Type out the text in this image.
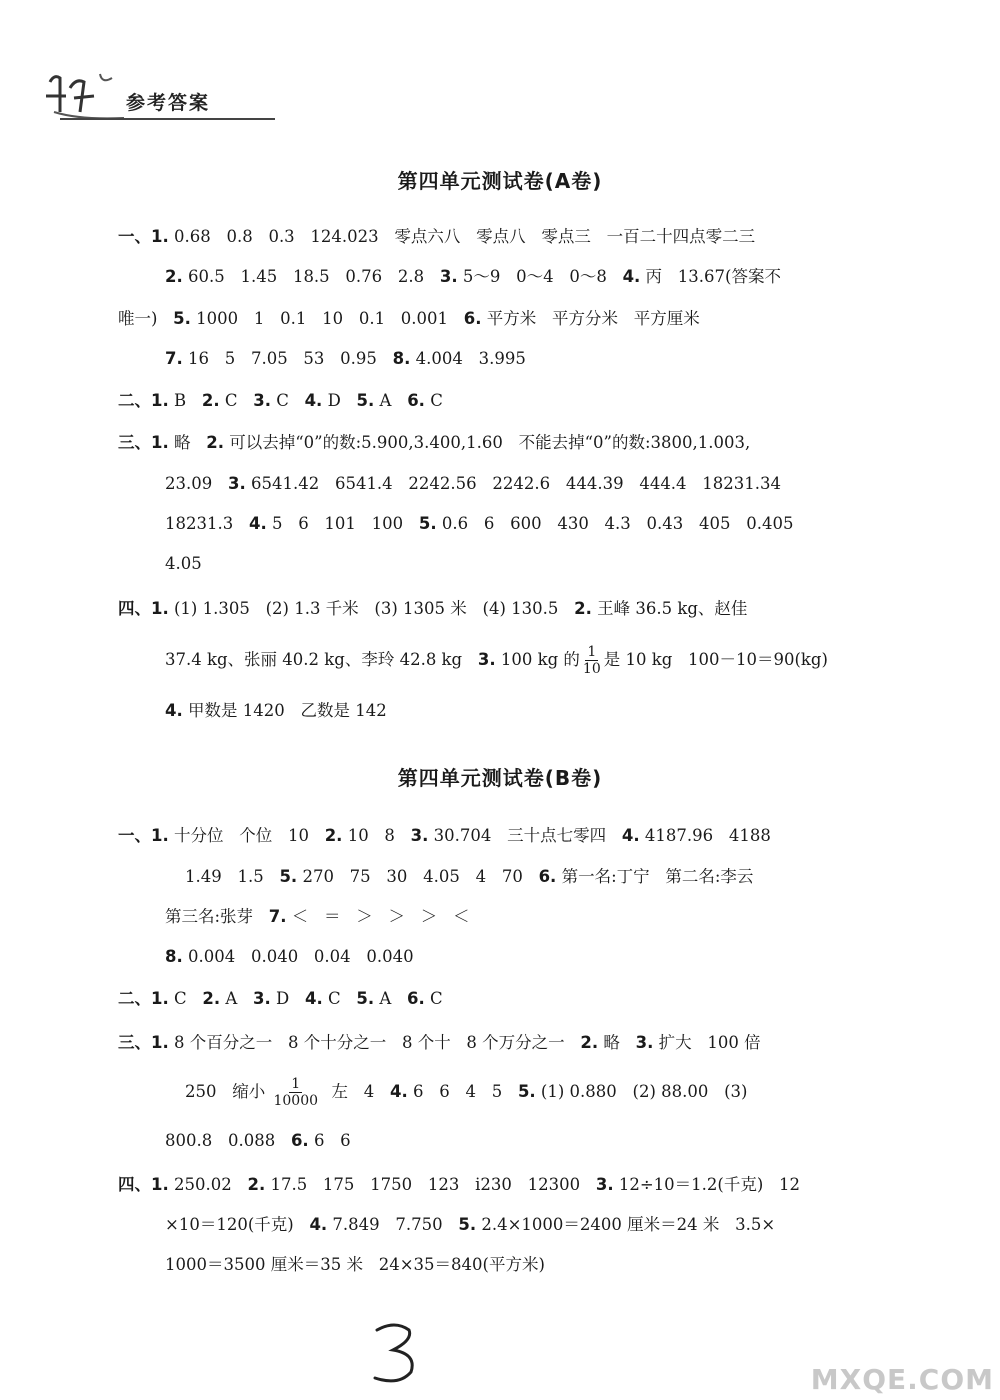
参考答案
第四单元测试卷(A卷)
一、 1. 0.68   0.8   0.3   124.023   零点六八   零点八   零点三   一百二十四点零二三
2. 60.5   1.45   18.5   0.76   2.8 3. 5～9   0～4   0～8 4. 丙   13.67(答案不
唯一) 5. 1000   1   0.1   10   0.1   0.001 6. 平方米   平方分米   平方厘米
7. 16   5   7.05   53   0.95 8. 4.004   3.995
二、 1. B 2. C 3. C 4. D 5. A 6. C
三、 1. 略 2. 可以去掉“0”的数:5.900,3.400,1.60   不能去掉“0”的数:3800,1.003,
23.09 3. 6541.42   6541.4   2242.56   2242.6   444.39   444.4   18231.34
18231.3 4. 5   6   101   100 5. 0.6   6   600   430   4.3   0.43   405   0.405
4.05
四、 1. (1) 1.305   (2) 1.3 千米   (3) 1305 米   (4) 130.5 2. 王峰 36.5 kg、赵佳
37.4 kg、张丽 40.2 kg、李玲 42.8 kg 3. 100 kg 的 $\frac{1}{10}$ 是 10 kg   100－10＝90(kg)
4. 甲数是 1420   乙数是 142
第四单元测试卷(B卷)
一、 1. 十分位   个位   10 2. 10   8 3. 30.704   三十点七零四 4. 4187.96   4188
1.49   1.5 5. 270   75   30   4.05   4   70 6. 第一名:丁宁   第二名:李云
第三名:张芽 7. ＜   ＝   ＞   ＞   ＞   ＜
8. 0.004   0.040   0.04   0.040
二、 1. C 2. A 3. D 4. C 5. A 6. C
三、 1. 8 个百分之一   8 个十分之一   8 个十   8 个万分之一 2. 略 3. 扩大   100 倍
250   缩小 $\frac{1}{10000}$ 左   4 4. 6   6   4   5 5. (1) 0.880   (2) 88.00   (3)
800.8   0.088 6. 6   6
四、 1. 250.02 2. 17.5   175   1750   123   i230   12300 3. 12÷10＝1.2(千克)   12
×10＝120(千克) 4. 7.849   7.750 5. 2.4×1000＝2400 厘米＝24 米   3.5×
1000＝3500 厘米＝35 米   24×35＝840(平方米)
MXQE.COM
